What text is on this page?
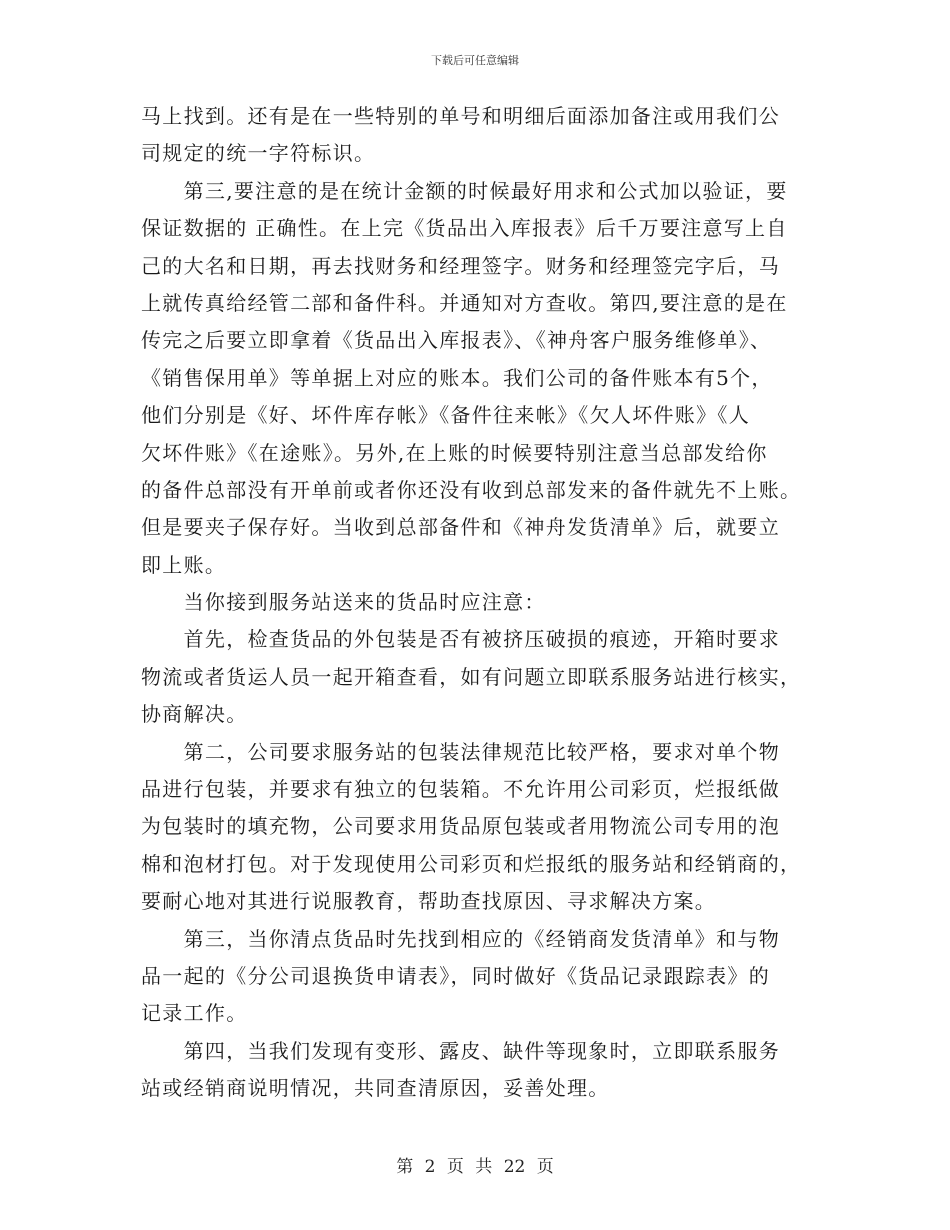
下载后可任意编辑
马上找到。还有是在一些特别的单号和明细后面添加备注或用我们公
司规定的统一字符标识。
　　第三,要注意的是在统计金额的时候最好用求和公式加以验证，要
保证数据的 正确性。在上完《货品出入库报表》后千万要注意写上自
己的大名和日期，再去找财务和经理签字。财务和经理签完字后，马
上就传真给经管二部和备件科。并通知对方查收。第四,要注意的是在
传完之后要立即拿着《货品出入库报表》、《神舟客户服务维修单》、
《销售保用单》等单据上对应的账本。我们公司的备件账本有5个，
他们分别是《好、坏件库存帐》《备件往来帐》《欠人坏件账》《人
欠坏件账》《在途账》。另外,在上账的时候要特别注意当总部发给你
的备件总部没有开单前或者你还没有收到总部发来的备件就先不上账。
但是要夹子保存好。当收到总部备件和《神舟发货清单》后，就要立
即上账。
　　当你接到服务站送来的货品时应注意：
　　首先，检查货品的外包装是否有被挤压破损的痕迹，开箱时要求
物流或者货运人员一起开箱查看，如有问题立即联系服务站进行核实，
协商解决。
　　第二，公司要求服务站的包装法律规范比较严格，要求对单个物
品进行包装，并要求有独立的包装箱。不允许用公司彩页，烂报纸做
为包装时的填充物，公司要求用货品原包装或者用物流公司专用的泡
棉和泡材打包。对于发现使用公司彩页和烂报纸的服务站和经销商的，
要耐心地对其进行说服教育，帮助查找原因、寻求解决方案。
　　第三，当你清点货品时先找到相应的《经销商发货清单》和与物
品一起的《分公司退换货申请表》，同时做好《货品记录跟踪表》的
记录工作。
　　第四，当我们发现有变形、露皮、缺件等现象时，立即联系服务
站或经销商说明情况，共同查清原因，妥善处理。
第 2 页 共 22 页
